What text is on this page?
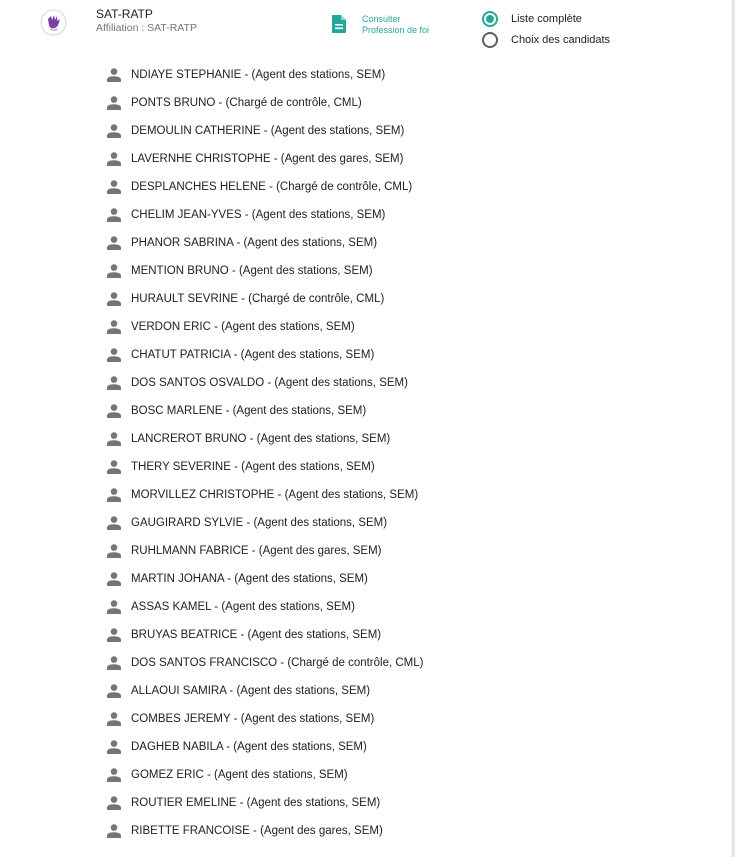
SAT-RATP
Affiliation : SAT-RATP
Consulter
Profession de foi
Liste complète
Choix des candidats
NDIAYE STEPHANIE - (Agent des stations, SEM)
PONTS BRUNO - (Chargé de contrôle, CML)
DEMOULIN CATHERINE - (Agent des stations, SEM)
LAVERNHE CHRISTOPHE - (Agent des gares, SEM)
DESPLANCHES HELENE - (Chargé de contrôle, CML)
CHELIM JEAN-YVES - (Agent des stations, SEM)
PHANOR SABRINA - (Agent des stations, SEM)
MENTION BRUNO - (Agent des stations, SEM)
HURAULT SEVRINE - (Chargé de contrôle, CML)
VERDON ERIC - (Agent des stations, SEM)
CHATUT PATRICIA - (Agent des stations, SEM)
DOS SANTOS OSVALDO - (Agent des stations, SEM)
BOSC MARLENE - (Agent des stations, SEM)
LANCREROT BRUNO - (Agent des stations, SEM)
THERY SEVERINE - (Agent des stations, SEM)
MORVILLEZ CHRISTOPHE - (Agent des stations, SEM)
GAUGIRARD SYLVIE - (Agent des stations, SEM)
RUHLMANN FABRICE - (Agent des gares, SEM)
MARTIN JOHANA - (Agent des stations, SEM)
ASSAS KAMEL - (Agent des stations, SEM)
BRUYAS BEATRICE - (Agent des stations, SEM)
DOS SANTOS FRANCISCO - (Chargé de contrôle, CML)
ALLAOUI SAMIRA - (Agent des stations, SEM)
COMBES JEREMY - (Agent des stations, SEM)
DAGHEB NABILA - (Agent des stations, SEM)
GOMEZ ERIC - (Agent des stations, SEM)
ROUTIER EMELINE - (Agent des stations, SEM)
RIBETTE FRANCOISE - (Agent des gares, SEM)
